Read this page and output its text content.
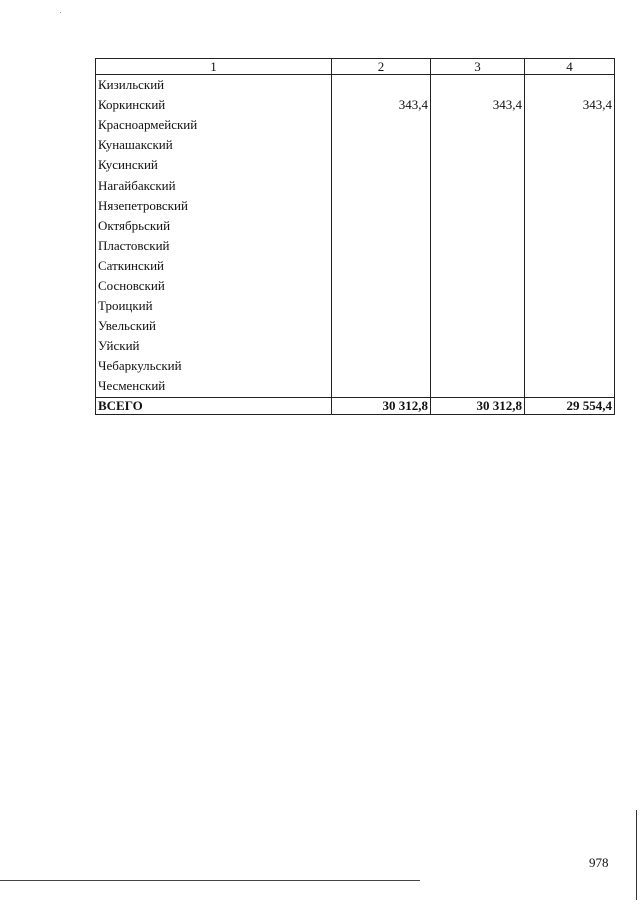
1	2	3	4
Кизильский			
Коркинский	343,4	343,4	343,4
Красноармейский			
Кунашакский			
Кусинский			
Нагайбакский			
Нязепетровский			
Октябрьский			
Пластовский			
Саткинский			
Сосновский			
Троицкий			
Увельский			
Уйский			
Чебаркульский			
Чесменский			
ВСЕГО	30 312,8	30 312,8	29 554,4
978
